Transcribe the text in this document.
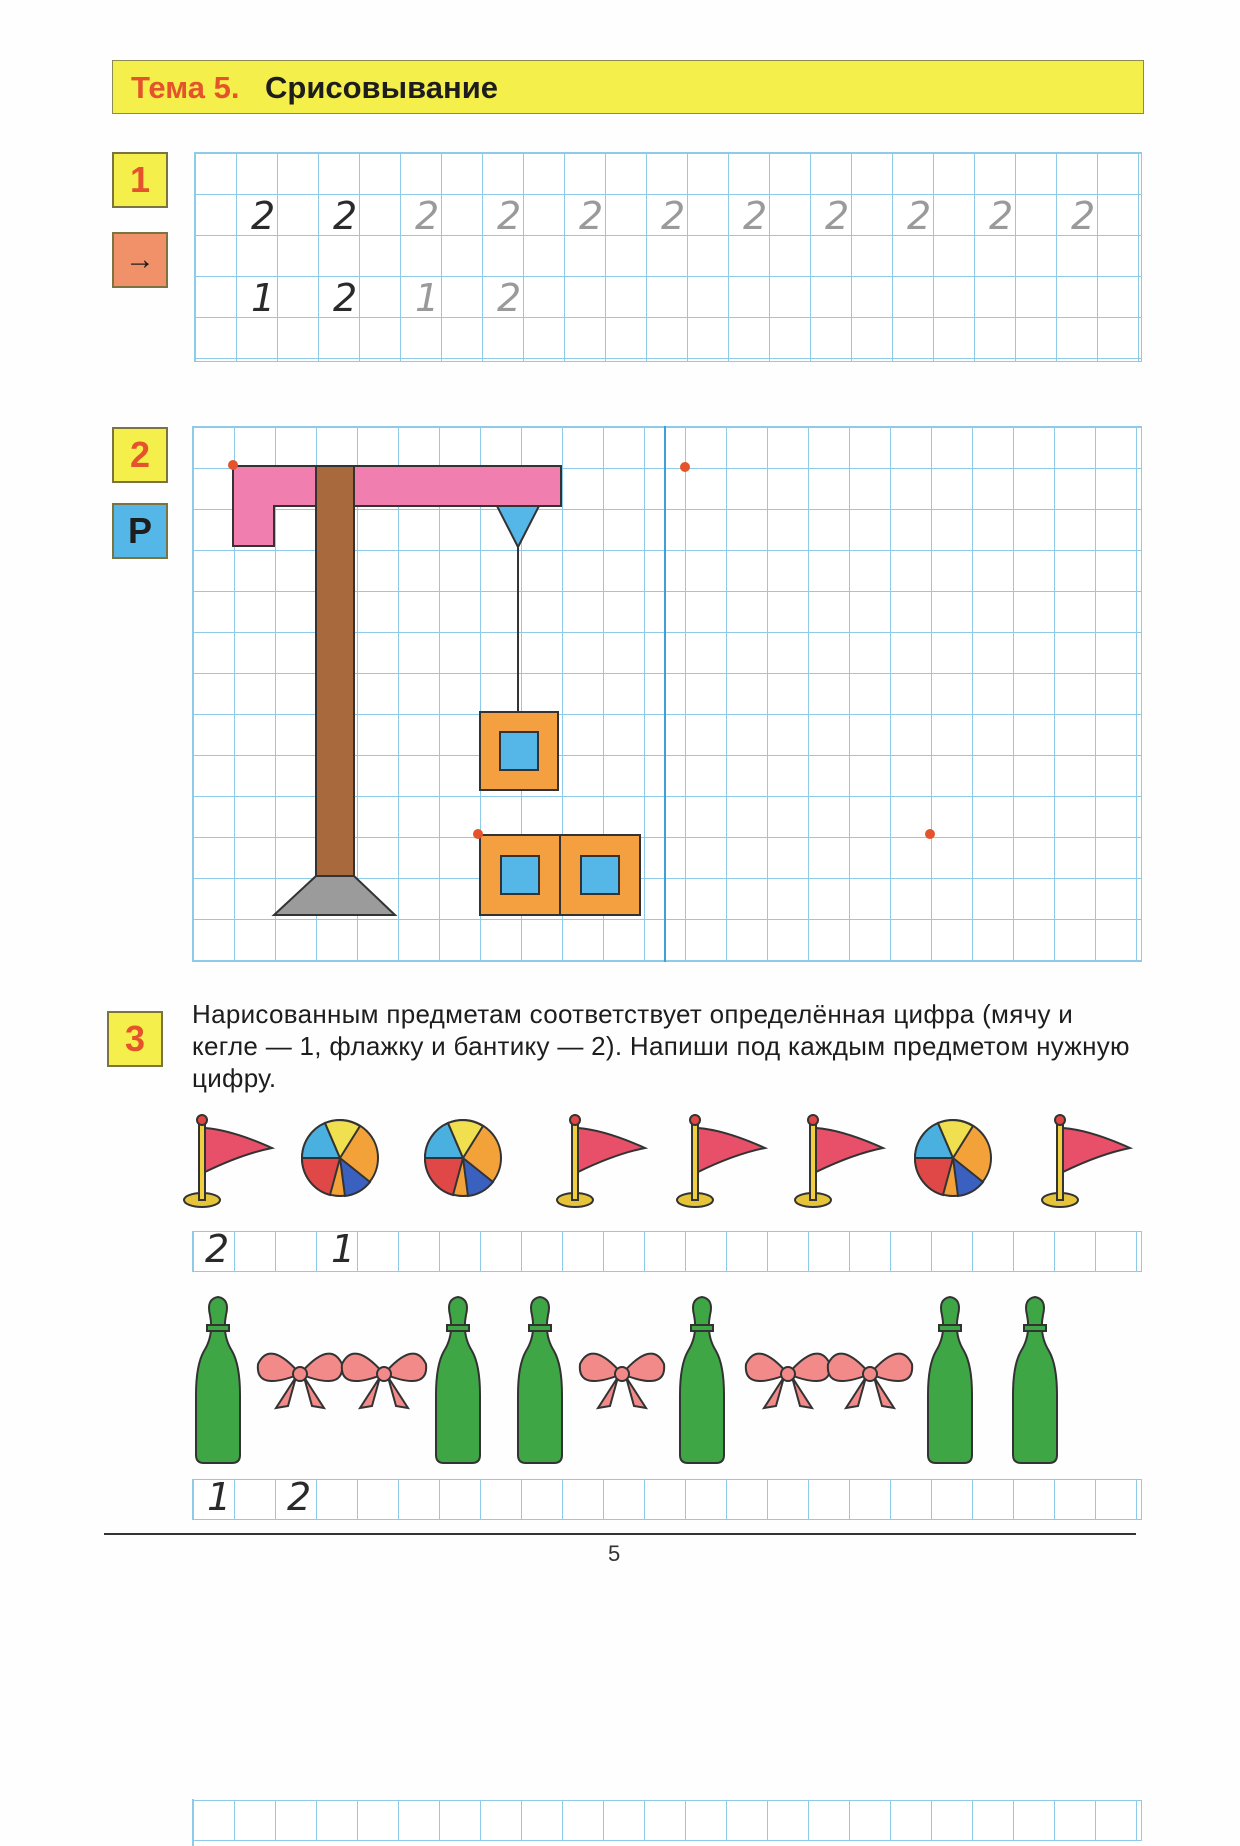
Тема 5. Срисовывание
1
→
2
Р
3
Нарисованным предметам соответствует определённая цифра (мячу и кегле — 1, флажку и бантику — 2). Напиши под каждым предметом нужную цифру.
2	1
1 2
5
2 2 2 2 2 2 2 2 2 2 2
1 2 1 2
